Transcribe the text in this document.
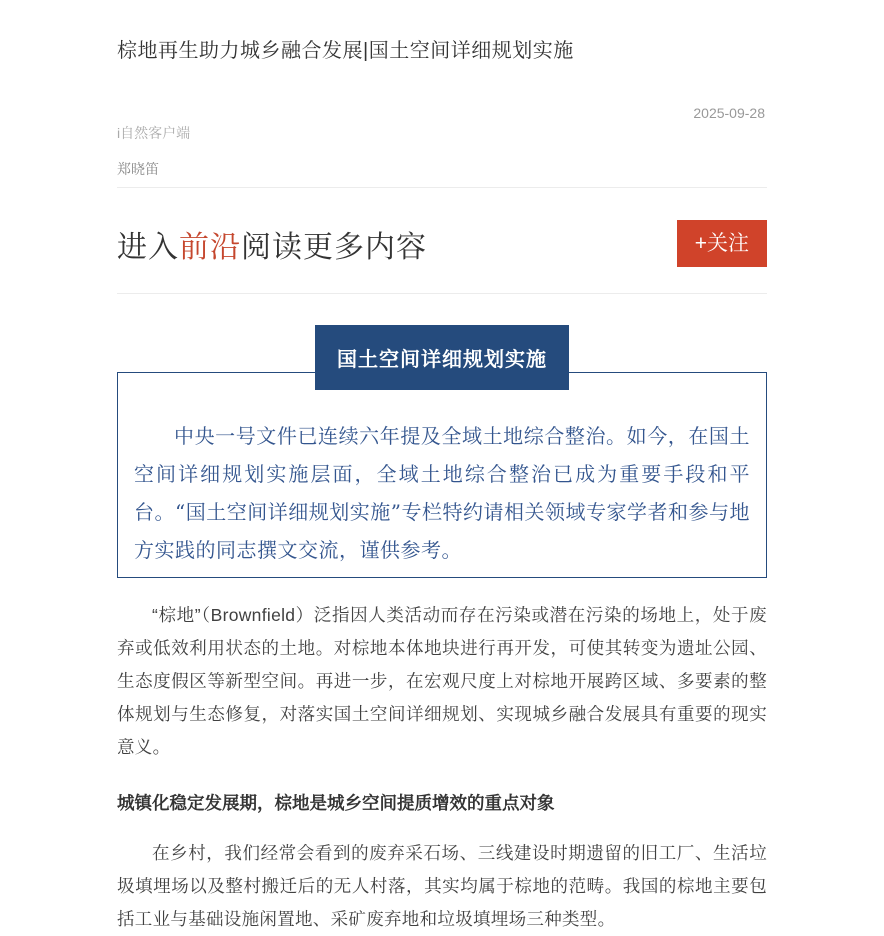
棕地再生助力城乡融合发展|国土空间详细规划实施
2025-09-28
i自然客户端
郑晓笛
进入前沿阅读更多内容	+关注
国土空间详细规划实施

中央一号文件已连续六年提及全域土地综合整治。如今，在国土空间详细规划实施层面，全域土地综合整治已成为重要手段和平台。“国土空间详细规划实施”专栏特约请相关领域专家学者和参与地方实践的同志撰文交流，谨供参考。

“棕地”（Brownfield）泛指因人类活动而存在污染或潜在污染的场地上，处于废弃或低效利用状态的土地。对棕地本体地块进行再开发，可使其转变为遗址公园、生态度假区等新型空间。再进一步，在宏观尺度上对棕地开展跨区域、多要素的整体规划与生态修复，对落实国土空间详细规划、实现城乡融合发展具有重要的现实意义。

城镇化稳定发展期，棕地是城乡空间提质增效的重点对象

在乡村，我们经常会看到的废弃采石场、三线建设时期遗留的旧工厂、生活垃圾填埋场以及整村搬迁后的无人村落，其实均属于棕地的范畴。我国的棕地主要包括工业与基础设施闲置地、采矿废弃地和垃圾填埋场三种类型。
